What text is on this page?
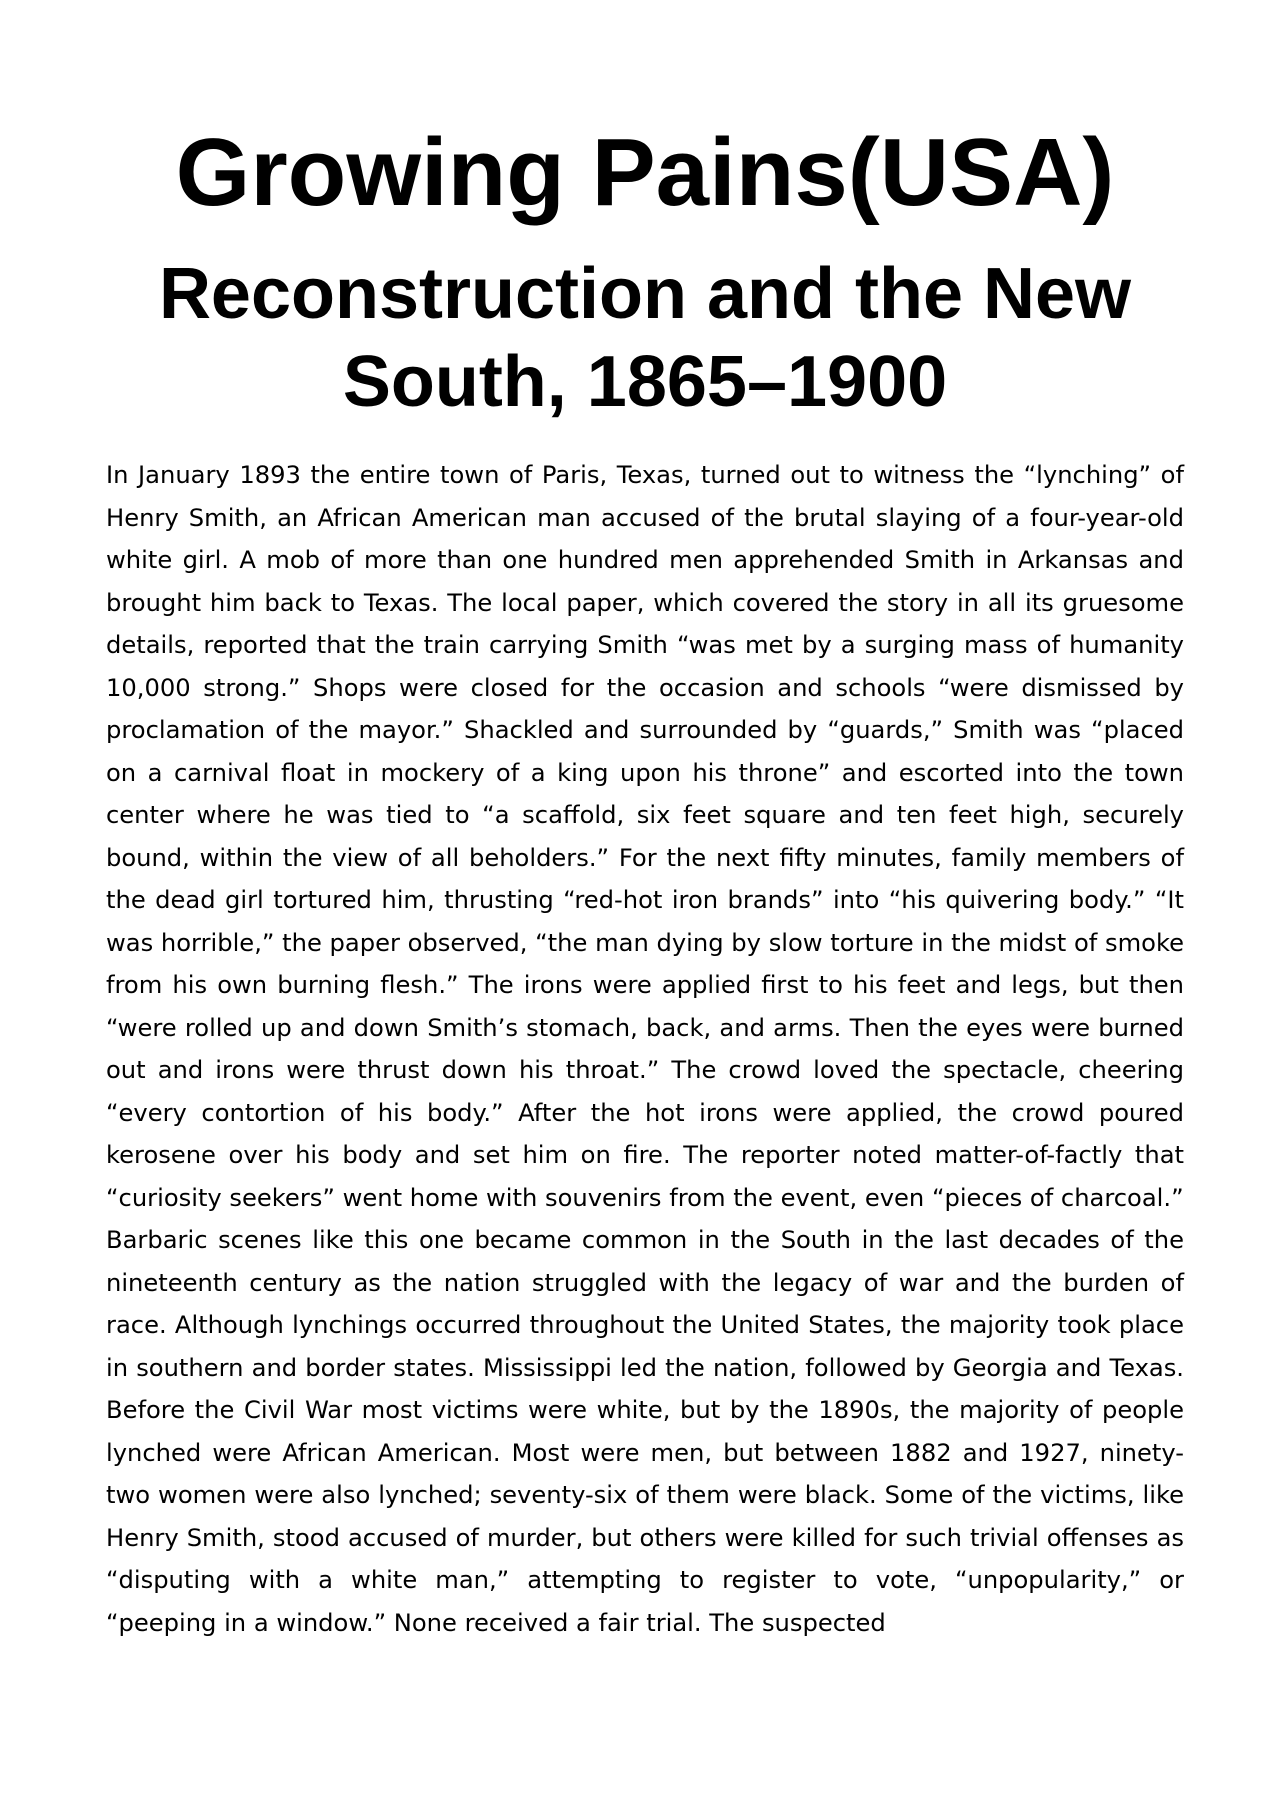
Growing Pains(USA)
Reconstruction and the New South, 1865–1900

In January 1893 the entire town of Paris, Texas, turned out to witness the “lynching” of Henry Smith, an African American man accused of the brutal slaying of a four-year-old white girl. A mob of more than one hundred men apprehended Smith in Arkansas and brought him back to Texas. The local paper, which covered the story in all its gruesome details, reported that the train carrying Smith “was met by a surging mass of humanity 10,000 strong.” Shops were closed for the occasion and schools “were dismissed by proclamation of the mayor.” Shackled and surrounded by “guards,” Smith was “placed on a carnival float in mockery of a king upon his throne” and escorted into the town center where he was tied to “a scaffold, six feet square and ten feet high, securely bound, within the view of all beholders.” For the next fifty minutes, family members of the dead girl tortured him, thrusting “red-hot iron brands” into “his quivering body.” “It was horrible,” the paper observed, “the man dying by slow torture in the midst of smoke from his own burning flesh.” The irons were applied first to his feet and legs, but then “were rolled up and down Smith’s stomach, back, and arms. Then the eyes were burned out and irons were thrust down his throat.” The crowd loved the spectacle, cheering “every contortion of his body.” After the hot irons were applied, the crowd poured kerosene over his body and set him on fire. The reporter noted matter-of-factly that “curiosity seekers” went home with souvenirs from the event, even “pieces of charcoal.”

Barbaric scenes like this one became common in the South in the last decades of the nineteenth century as the nation struggled with the legacy of war and the burden of race. Although lynchings occurred throughout the United States, the majority took place in southern and border states. Mississippi led the nation, followed by Georgia and Texas. Before the Civil War most victims were white, but by the 1890s, the majority of people lynched were African American. Most were men, but between 1882 and 1927, ninety-two women were also lynched; seventy-six of them were black. Some of the victims, like Henry Smith, stood accused of murder, but others were killed for such trivial offenses as “disputing with a white man,” attempting to register to vote, “unpopularity,” or “peeping in a window.” None received a fair trial. The suspected
